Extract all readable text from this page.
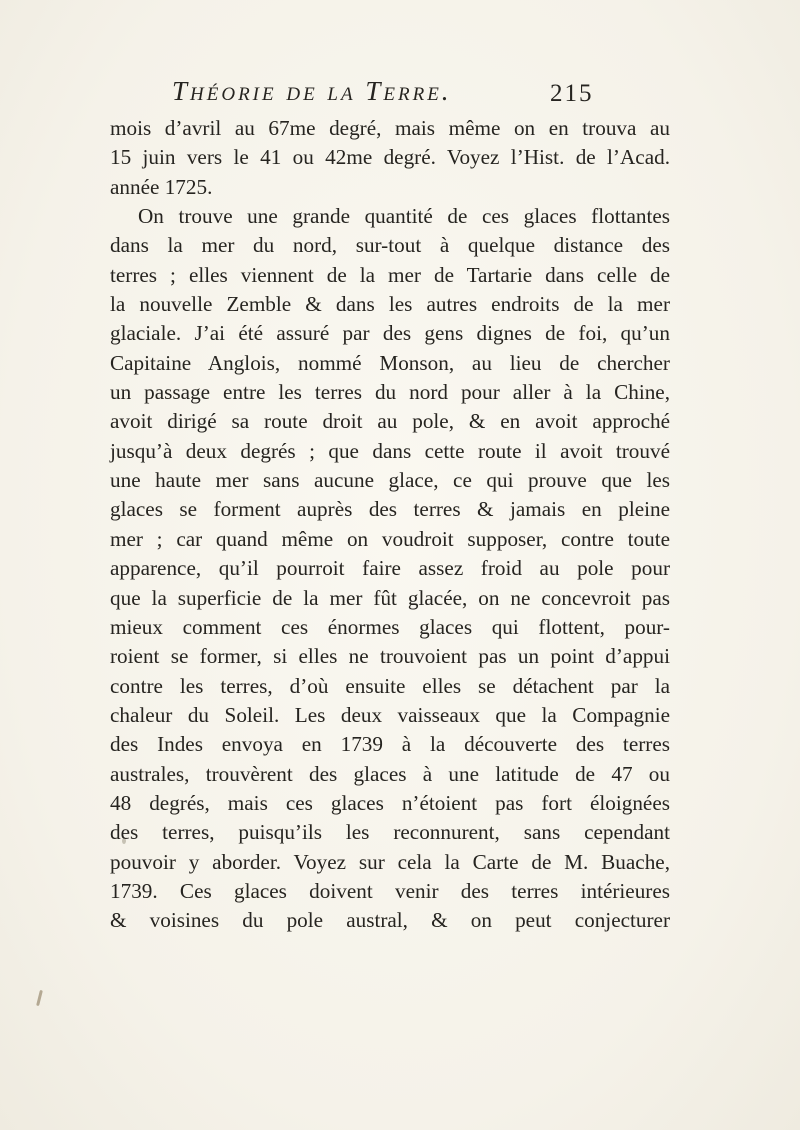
Théorie de la Terre.	215
mois d’avril au 67me degré, mais même on en trouva au
15 juin vers le 41 ou 42me degré. Voyez l’Hist. de l’Acad.
année 1725.
On trouve une grande quantité de ces glaces flottantes
dans la mer du nord, sur-tout à quelque distance des
terres ; elles viennent de la mer de Tartarie dans celle de
la nouvelle Zemble & dans les autres endroits de la mer
glaciale. J’ai été assuré par des gens dignes de foi, qu’un
Capitaine Anglois, nommé Monson, au lieu de chercher
un passage entre les terres du nord pour aller à la Chine,
avoit dirigé sa route droit au pole, & en avoit approché
jusqu’à deux degrés ; que dans cette route il avoit trouvé
une haute mer sans aucune glace, ce qui prouve que les
glaces se forment auprès des terres & jamais en pleine
mer ; car quand même on voudroit supposer, contre toute
apparence, qu’il pourroit faire assez froid au pole pour
que la superficie de la mer fût glacée, on ne concevroit pas
mieux comment ces énormes glaces qui flottent, pour-
roient se former, si elles ne trouvoient pas un point d’appui
contre les terres, d’où ensuite elles se détachent par la
chaleur du Soleil. Les deux vaisseaux que la Compagnie
des Indes envoya en 1739 à la découverte des terres
australes, trouvèrent des glaces à une latitude de 47 ou
48 degrés, mais ces glaces n’étoient pas fort éloignées
des terres, puisqu’ils les reconnurent, sans cependant
pouvoir y aborder. Voyez sur cela la Carte de M. Buache,
1739. Ces glaces doivent venir des terres intérieures
& voisines du pole austral, & on peut conjecturer
